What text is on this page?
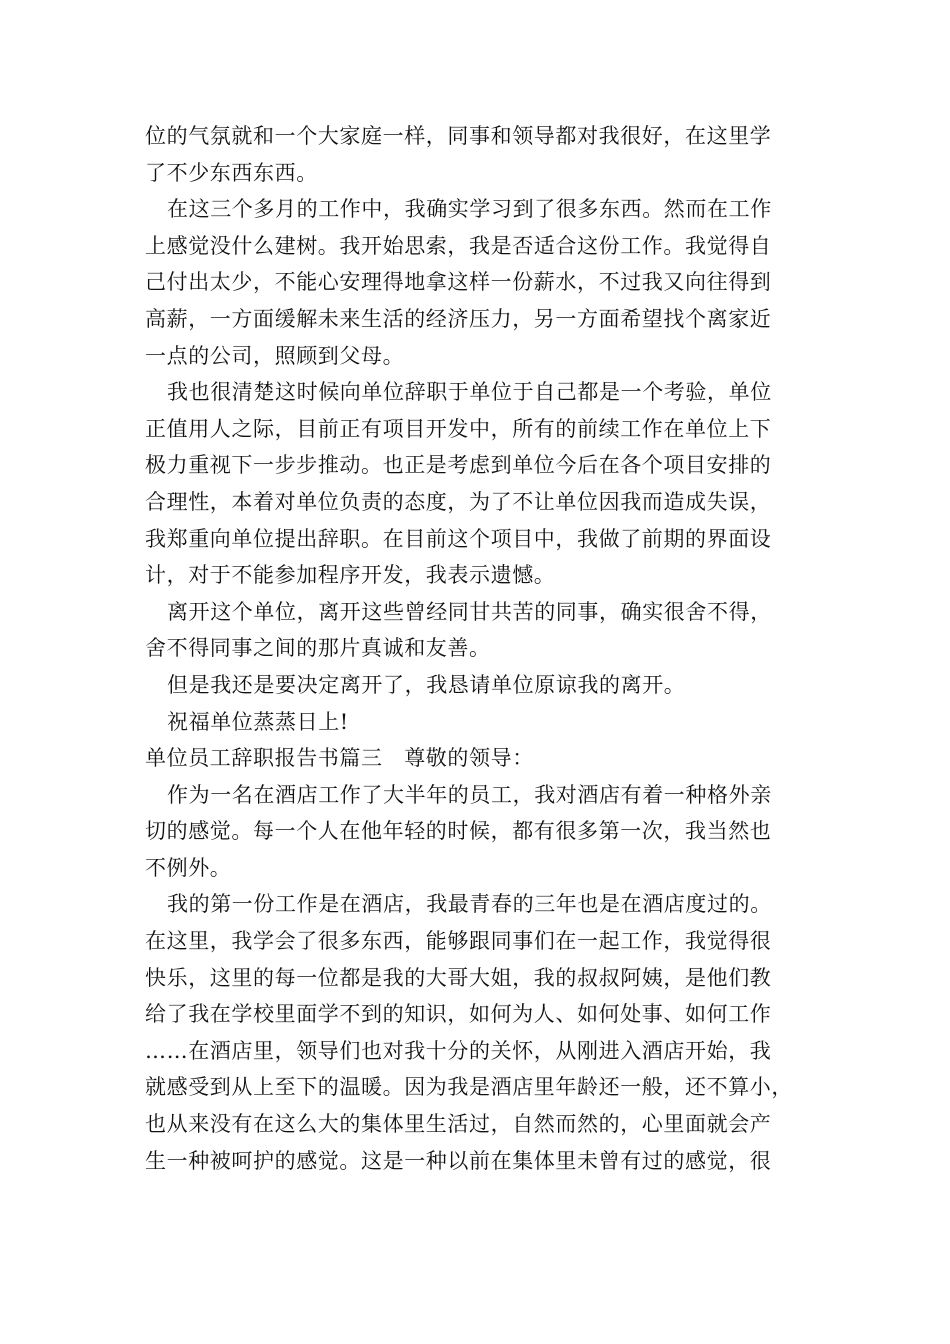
位的气氛就和一个大家庭一样，同事和领导都对我很好，在这里学
了不少东西东西。
在这三个多月的工作中，我确实学习到了很多东西。然而在工作
上感觉没什么建树。我开始思索，我是否适合这份工作。我觉得自
己付出太少，不能心安理得地拿这样一份薪水，不过我又向往得到
高薪，一方面缓解未来生活的经济压力，另一方面希望找个离家近
一点的公司，照顾到父母。
我也很清楚这时候向单位辞职于单位于自己都是一个考验，单位
正值用人之际，目前正有项目开发中，所有的前续工作在单位上下
极力重视下一步步推动。也正是考虑到单位今后在各个项目安排的
合理性，本着对单位负责的态度，为了不让单位因我而造成失误，
我郑重向单位提出辞职。在目前这个项目中，我做了前期的界面设
计，对于不能参加程序开发，我表示遗憾。
离开这个单位，离开这些曾经同甘共苦的同事，确实很舍不得，
舍不得同事之间的那片真诚和友善。
但是我还是要决定离开了，我恳请单位原谅我的离开。
祝福单位蒸蒸日上!
单位员工辞职报告书篇三　尊敬的领导：
作为一名在酒店工作了大半年的员工，我对酒店有着一种格外亲
切的感觉。每一个人在他年轻的时候，都有很多第一次，我当然也
不例外。
我的第一份工作是在酒店，我最青春的三年也是在酒店度过的。
在这里，我学会了很多东西，能够跟同事们在一起工作，我觉得很
快乐，这里的每一位都是我的大哥大姐，我的叔叔阿姨，是他们教
给了我在学校里面学不到的知识，如何为人、如何处事、如何工作
……在酒店里，领导们也对我十分的关怀，从刚进入酒店开始，我
就感受到从上至下的温暖。因为我是酒店里年龄还一般，还不算小，
也从来没有在这么大的集体里生活过，自然而然的，心里面就会产
生一种被呵护的感觉。这是一种以前在集体里未曾有过的感觉，很
